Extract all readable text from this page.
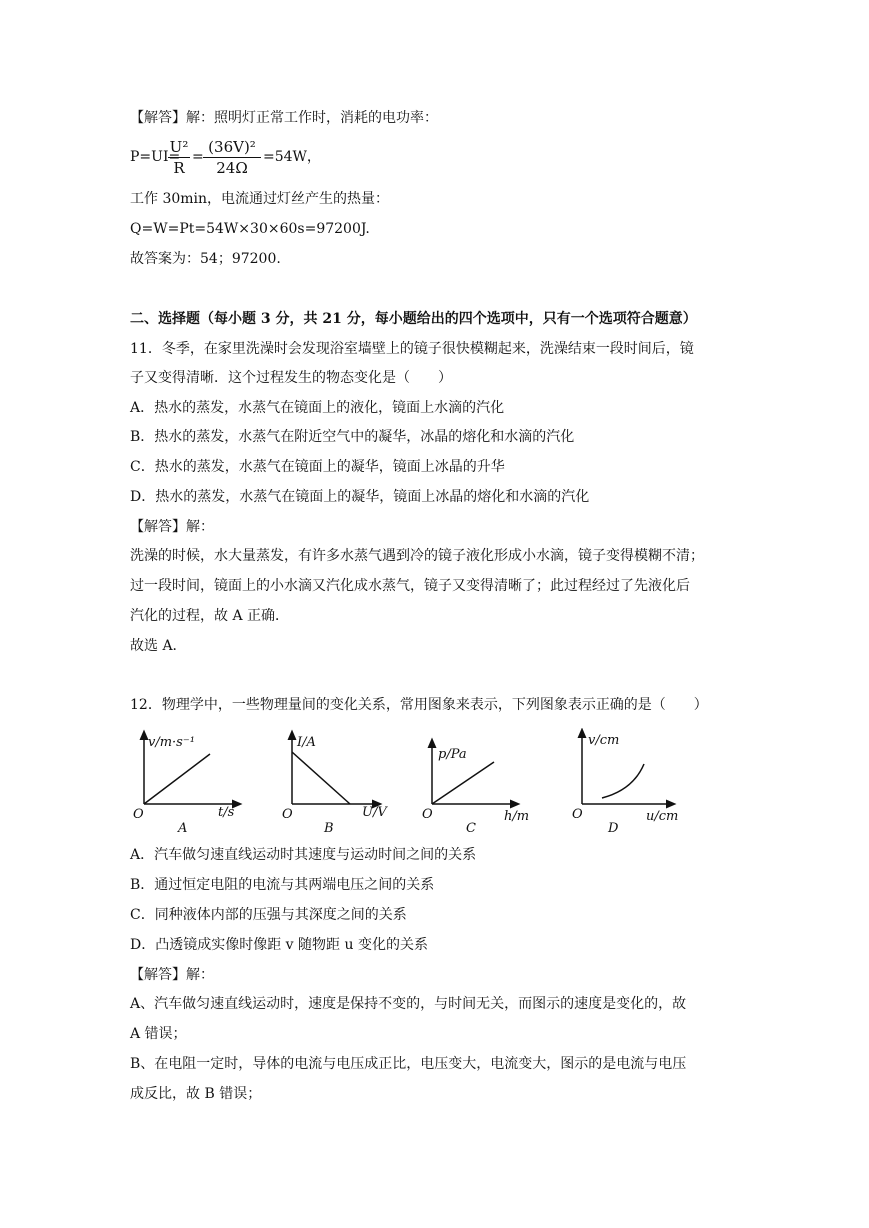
【解答】解：照明灯正常工作时，消耗的电功率：
P=UI=
U²
R
=
(36V)²
24Ω
=54W，
工作 30min，电流通过灯丝产生的热量：
Q=W=Pt=54W×30×60s=97200J.
故答案为：54；97200.
二、选择题（每小题 3 分，共 21 分，每小题给出的四个选项中，只有一个选项符合题意）
11．冬季，在家里洗澡时会发现浴室墙壁上的镜子很快模糊起来，洗澡结束一段时间后，镜
子又变得清晰．这个过程发生的物态变化是（　　）
A．热水的蒸发，水蒸气在镜面上的液化，镜面上水滴的汽化
B．热水的蒸发，水蒸气在附近空气中的凝华，冰晶的熔化和水滴的汽化
C．热水的蒸发，水蒸气在镜面上的凝华，镜面上冰晶的升华
D．热水的蒸发，水蒸气在镜面上的凝华，镜面上冰晶的熔化和水滴的汽化
【解答】解：
洗澡的时候，水大量蒸发，有许多水蒸气遇到冷的镜子液化形成小水滴，镜子变得模糊不清；
过一段时间，镜面上的小水滴又汽化成水蒸气，镜子又变得清晰了；此过程经过了先液化后
汽化的过程，故 A 正确．
故选 A．
12．物理学中，一些物理量间的变化关系，常用图象来表示，下列图象表示正确的是（　　）
v/m·s⁻¹
t/s
O
A
I/A
U/V
O
B
p/Pa
h/m
O
C
v/cm
u/cm
O
D
A．汽车做匀速直线运动时其速度与运动时间之间的关系
B．通过恒定电阻的电流与其两端电压之间的关系
C．同种液体内部的压强与其深度之间的关系
D．凸透镜成实像时像距 v 随物距 u 变化的关系
【解答】解：
A、汽车做匀速直线运动时，速度是保持不变的，与时间无关，而图示的速度是变化的，故
A 错误；
B、在电阻一定时，导体的电流与电压成正比，电压变大，电流变大，图示的是电流与电压
成反比，故 B 错误；
